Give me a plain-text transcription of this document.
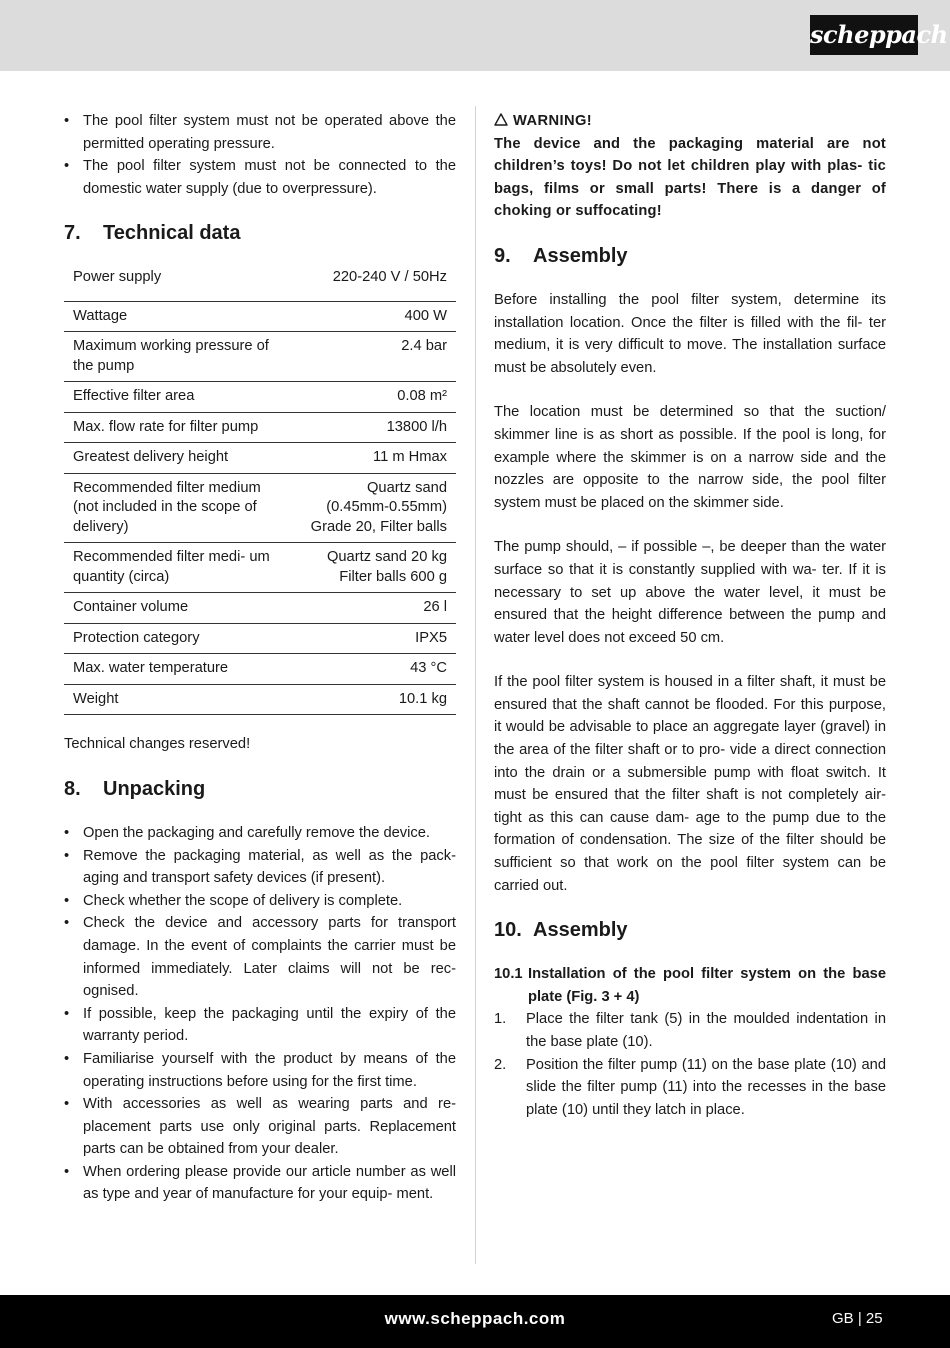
scheppach
• The pool filter system must not be operated above the permitted operating pressure.
• The pool filter system must not be connected to the domestic water supply (due to overpressure).
7. Technical data
Power supply	220-240 V / 50Hz
Wattage	400 W
Maximum working pressure of the pump	2.4 bar
Effective filter area	0.08 m²
Max. flow rate for filter pump	13800 l/h
Greatest delivery height	11 m Hmax
Recommended filter medium (not included in the scope of delivery)	Quartz sand (0.45mm-0.55mm) Grade 20, Filter balls
Recommended filter medi- um quantity (circa)	Quartz sand 20 kg Filter balls 600 g
Container volume	26 l
Protection category	IPX5
Max. water temperature	43 °C
Weight	10.1 kg

Technical changes reserved!

8. Unpacking
• Open the packaging and carefully remove the device.
• Remove the packaging material, as well as the pack- aging and transport safety devices (if present).
• Check whether the scope of delivery is complete.
• Check the device and accessory parts for transport damage. In the event of complaints the carrier must be informed immediately. Later claims will not be rec- ognised.
• If possible, keep the packaging until the expiry of the warranty period.
• Familiarise yourself with the product by means of the operating instructions before using for the first time.
• With accessories as well as wearing parts and re- placement parts use only original parts. Replacement parts can be obtained from your dealer.
• When ordering please provide our article number as well as type and year of manufacture for your equip- ment.
WARNING!

The device and the packaging material are not children’s toys! Do not let children play with plas- tic bags, films or small parts! There is a danger of choking or suffocating!

9. Assembly

Before installing the pool filter system, determine its installation location. Once the filter is filled with the fil- ter medium, it is very difficult to move. The installation surface must be absolutely even.

The location must be determined so that the suction/ skimmer line is as short as possible. If the pool is long, for example where the skimmer is on a narrow side and the nozzles are opposite to the narrow side, the pool filter system must be placed on the skimmer side.

The pump should, – if possible –, be deeper than the water surface so that it is constantly supplied with wa- ter. If it is necessary to set up above the water level, it must be ensured that the height difference between the pump and water level does not exceed 50 cm.

If the pool filter system is housed in a filter shaft, it must be ensured that the shaft cannot be flooded. For this purpose, it would be advisable to place an aggregate layer (gravel) in the area of the filter shaft or to pro- vide a direct connection into the drain or a submersible pump with float switch. It must be ensured that the filter shaft is not completely air-tight as this can cause dam- age to the pump due to the formation of condensation. The size of the filter should be sufficient so that work on the pool filter system can be carried out.

10. Assembly
10.1 Installation of the pool filter system on the base plate (Fig. 3 + 4)
1. Place the filter tank (5) in the moulded indentation in the base plate (10).
2. Position the filter pump (11) on the base plate (10) and slide the filter pump (11) into the recesses in the base plate (10) until they latch in place.
www.scheppach.com	GB | 25
